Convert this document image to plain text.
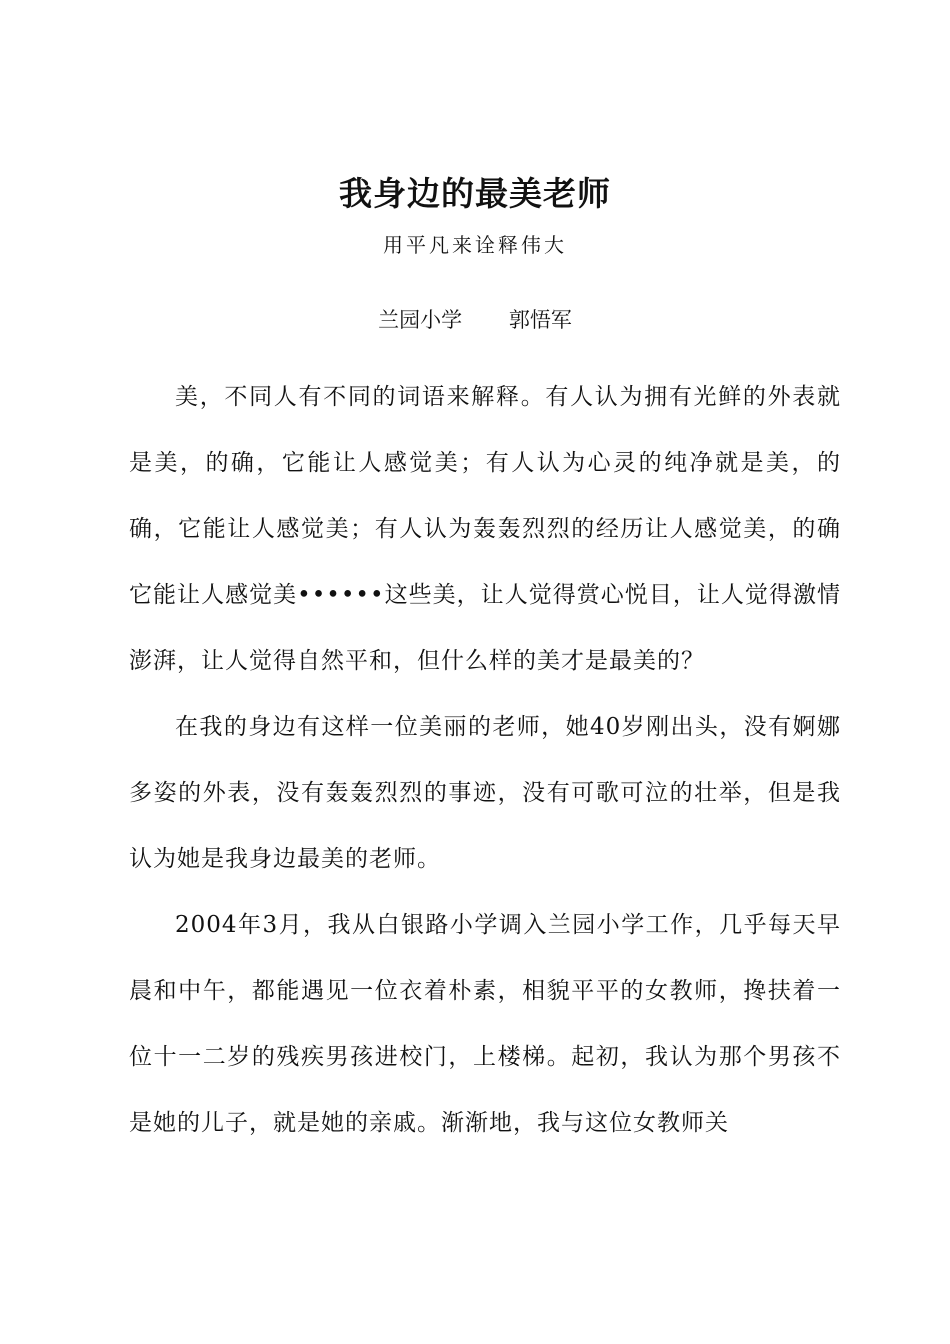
我身边的最美老师
用平凡来诠释伟大
兰园小学 郭悟军

美，不同人有不同的词语来解释。有人认为拥有光鲜的外表就是美，的确，它能让人感觉美；有人认为心灵的纯净就是美，的确，它能让人感觉美；有人认为轰轰烈烈的经历让人感觉美，的确它能让人感觉美••••••这些美，让人觉得赏心悦目，让人觉得激情澎湃，让人觉得自然平和，但什么样的美才是最美的？

在我的身边有这样一位美丽的老师，她40岁刚出头，没有婀娜多姿的外表，没有轰轰烈烈的事迹，没有可歌可泣的壮举，但是我认为她是我身边最美的老师。

2004年3月，我从白银路小学调入兰园小学工作，几乎每天早晨和中午，都能遇见一位衣着朴素，相貌平平的女教师，搀扶着一位十一二岁的残疾男孩进校门，上楼梯。起初，我认为那个男孩不是她的儿子，就是她的亲戚。渐渐地，我与这位女教师关
